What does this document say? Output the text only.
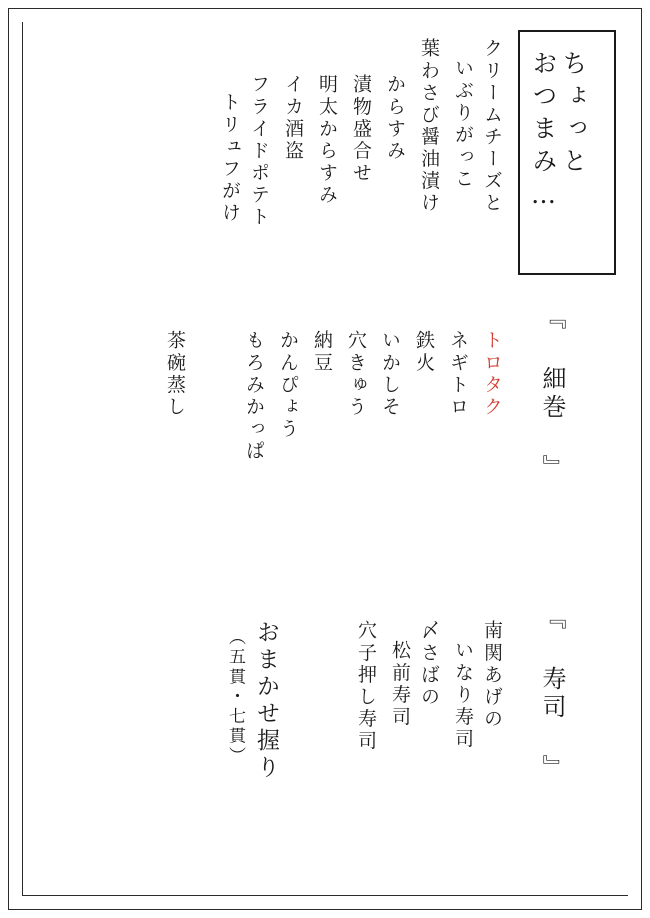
ちょっと
おつまみ…
クリームチーズと
いぶりがっこ
葉わさび醤油漬け
からすみ
漬物盛合せ
明太からすみ
イカ酒盗
フライドポテト
トリュフがけ
『 細巻 』
トロタク
ネギトロ
鉄火
いかしそ
穴きゅう
納豆
かんぴょう
もろみかっぱ
茶碗蒸し
『 寿司 』
南関あげの
いなり寿司
〆さばの
松前寿司
穴子押し寿司
おまかせ握り
（五貫・七貫）
